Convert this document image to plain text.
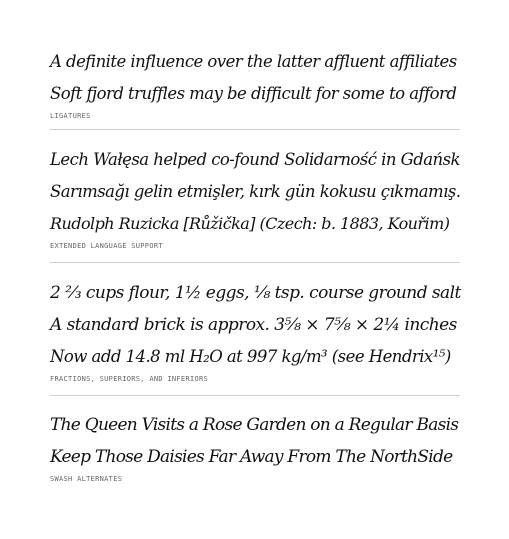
A definite influence over the latter affluent affiliates
Soft fjord truffles may be difficult for some to afford
LIGATURES
Lech Wałęsa helped co-found Solidarność in Gdańsk
Sarımsağı gelin etmişler, kırk gün kokusu çıkmamış.
Rudolph Ruzicka [Růžička] (Czech: b. 1883, Kouřim)
EXTENDED LANGUAGE SUPPORT
2 ⅔ cups flour, 1½ eggs, ⅛ tsp. course ground salt
A standard brick is approx. 3⅝ × 7⅝ × 2¼ inches
Now add 14.8 ml H₂O at 997 kg/m³ (see Hendrix¹⁵)
FRACTIONS, SUPERIORS, AND INFERIORS
The Queen Visits a Rose Garden on a Regular Basis
Keep Those Daisies Far Away From The NorthSide
SWASH ALTERNATES
